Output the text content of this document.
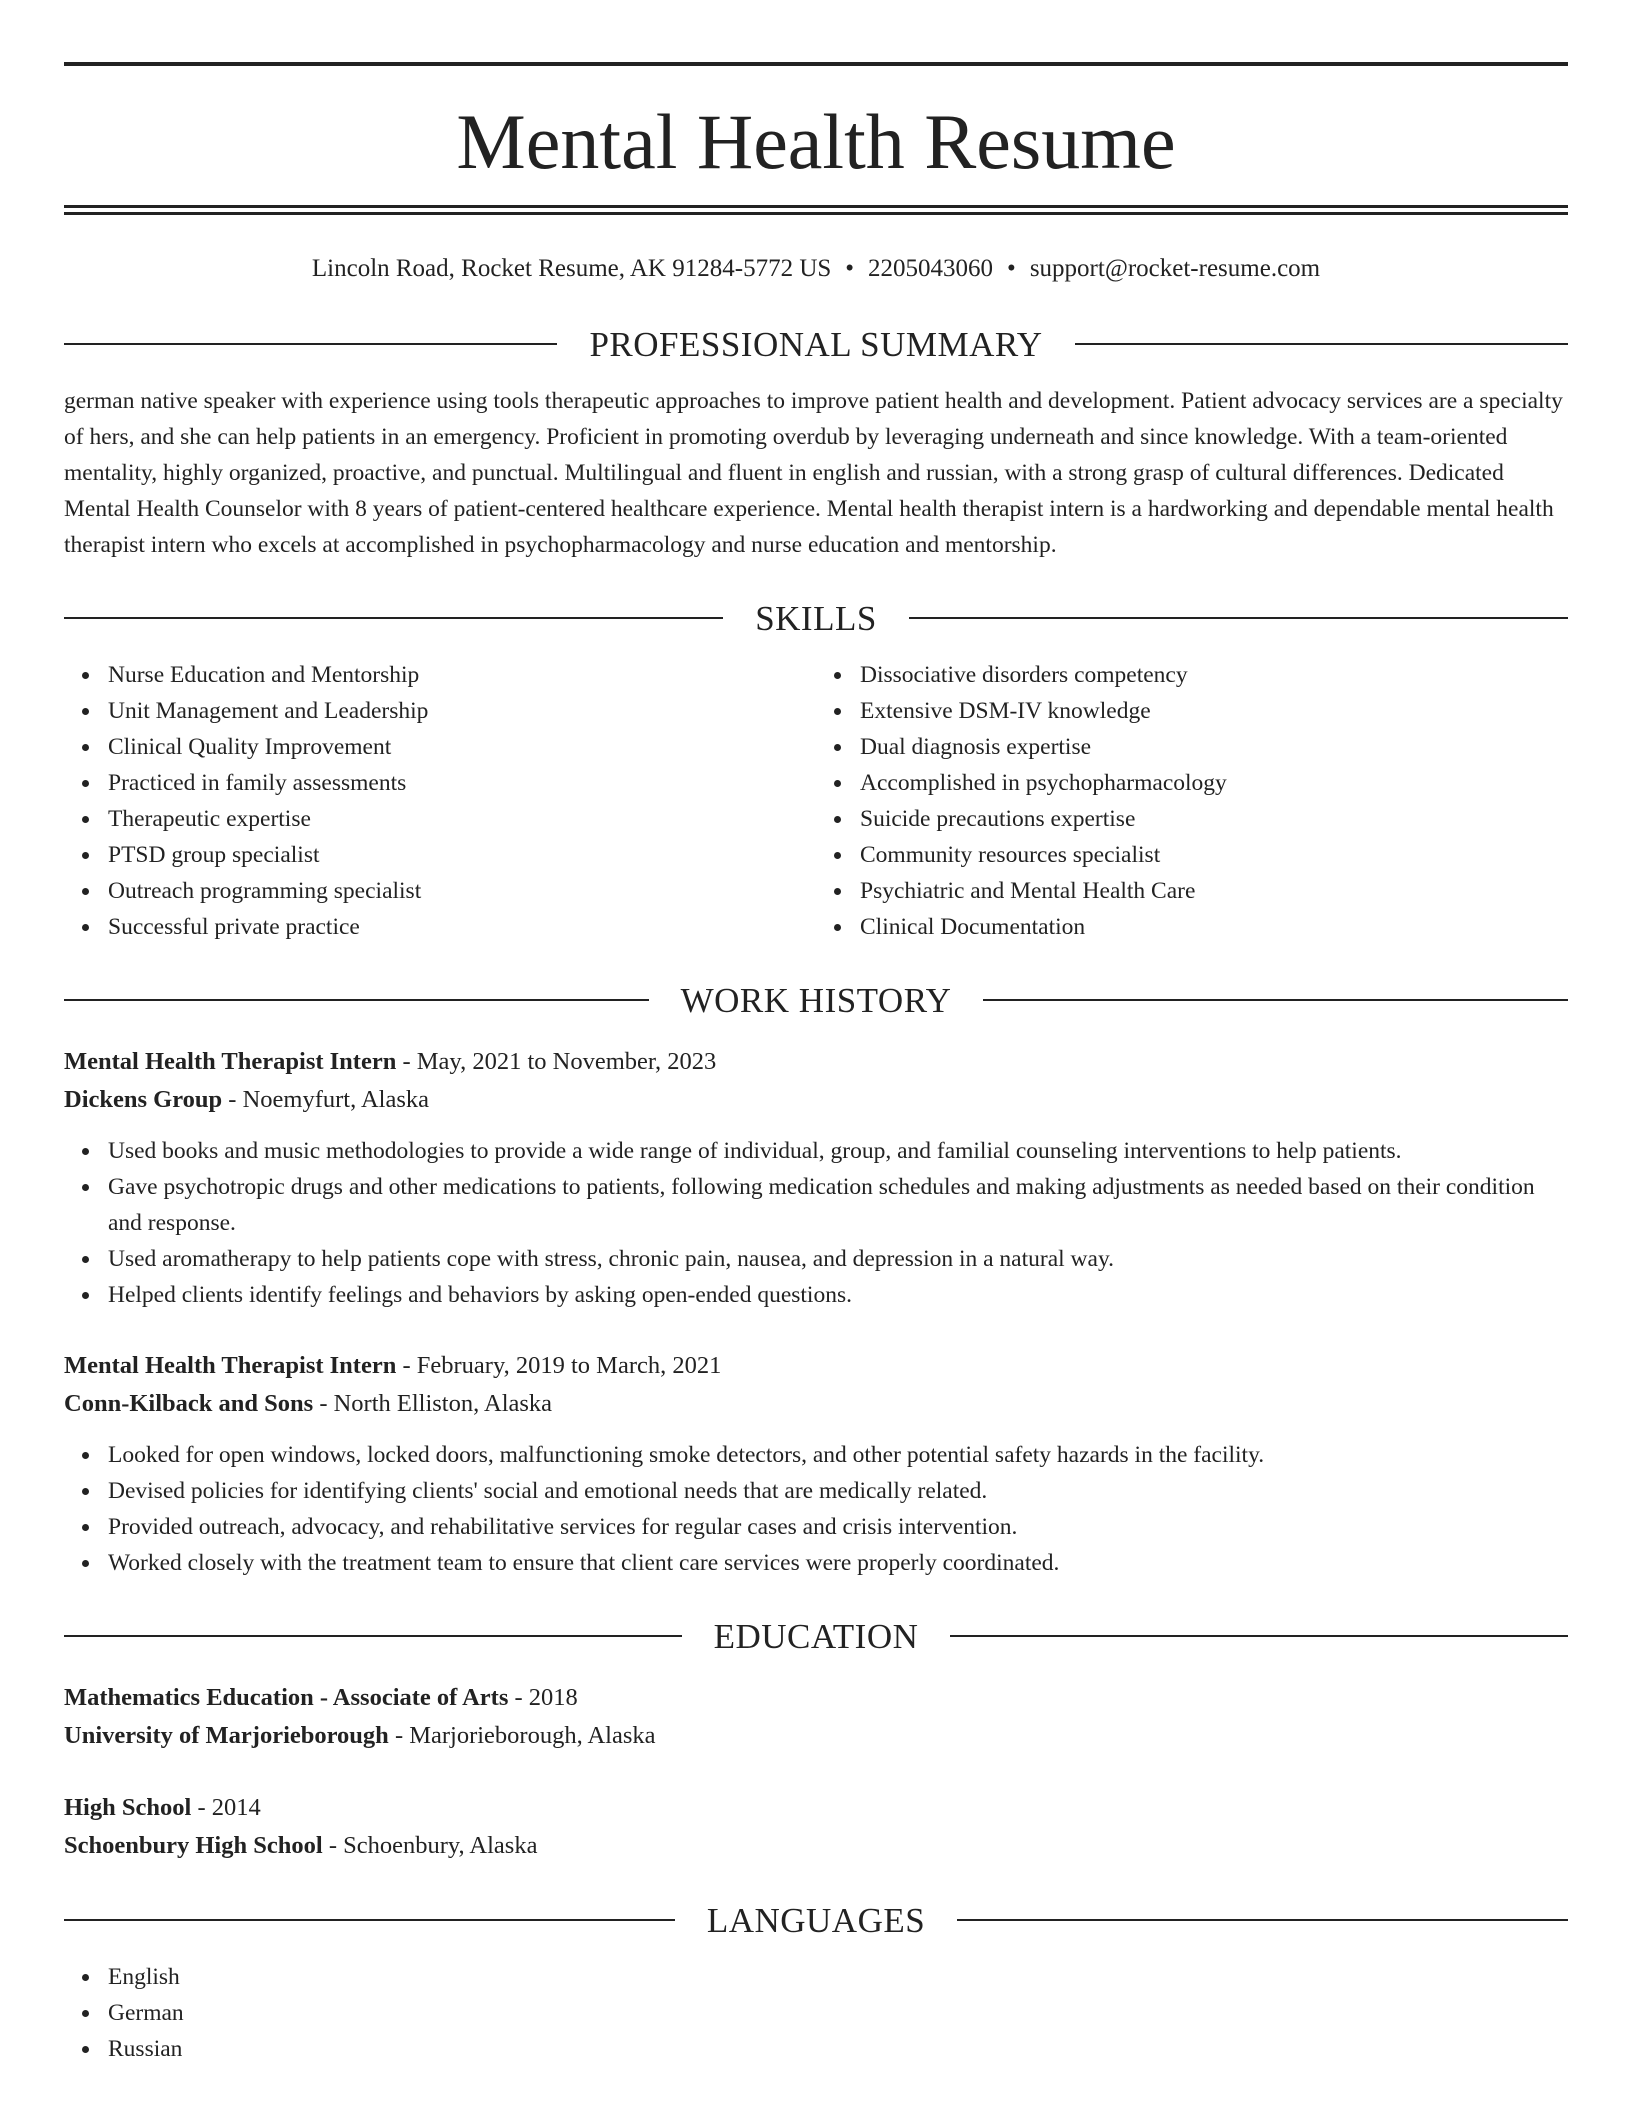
Mental Health Resume
Lincoln Road, Rocket Resume, AK 91284-5772 US • 2205043060 • support@rocket-resume.com
PROFESSIONAL SUMMARY
german native speaker with experience using tools therapeutic approaches to improve patient health and development. Patient advocacy services are a specialty of hers, and she can help patients in an emergency. Proficient in promoting overdub by leveraging underneath and since knowledge. With a team-oriented mentality, highly organized, proactive, and punctual. Multilingual and fluent in english and russian, with a strong grasp of cultural differences. Dedicated Mental Health Counselor with 8 years of patient-centered healthcare experience. Mental health therapist intern is a hardworking and dependable mental health therapist intern who excels at accomplished in psychopharmacology and nurse education and mentorship.
SKILLS
Nurse Education and Mentorship
Unit Management and Leadership
Clinical Quality Improvement
Practiced in family assessments
Therapeutic expertise
PTSD group specialist
Outreach programming specialist
Successful private practice
Dissociative disorders competency
Extensive DSM-IV knowledge
Dual diagnosis expertise
Accomplished in psychopharmacology
Suicide precautions expertise
Community resources specialist
Psychiatric and Mental Health Care
Clinical Documentation
WORK HISTORY
Mental Health Therapist Intern - May, 2021 to November, 2023
Dickens Group - Noemyfurt, Alaska
Used books and music methodologies to provide a wide range of individual, group, and familial counseling interventions to help patients.
Gave psychotropic drugs and other medications to patients, following medication schedules and making adjustments as needed based on their condition and response.
Used aromatherapy to help patients cope with stress, chronic pain, nausea, and depression in a natural way.
Helped clients identify feelings and behaviors by asking open-ended questions.
Mental Health Therapist Intern - February, 2019 to March, 2021
Conn-Kilback and Sons - North Elliston, Alaska
Looked for open windows, locked doors, malfunctioning smoke detectors, and other potential safety hazards in the facility.
Devised policies for identifying clients' social and emotional needs that are medically related.
Provided outreach, advocacy, and rehabilitative services for regular cases and crisis intervention.
Worked closely with the treatment team to ensure that client care services were properly coordinated.
EDUCATION
Mathematics Education - Associate of Arts - 2018
University of Marjorieborough - Marjorieborough, Alaska
High School - 2014
Schoenbury High School - Schoenbury, Alaska
LANGUAGES
English
German
Russian
